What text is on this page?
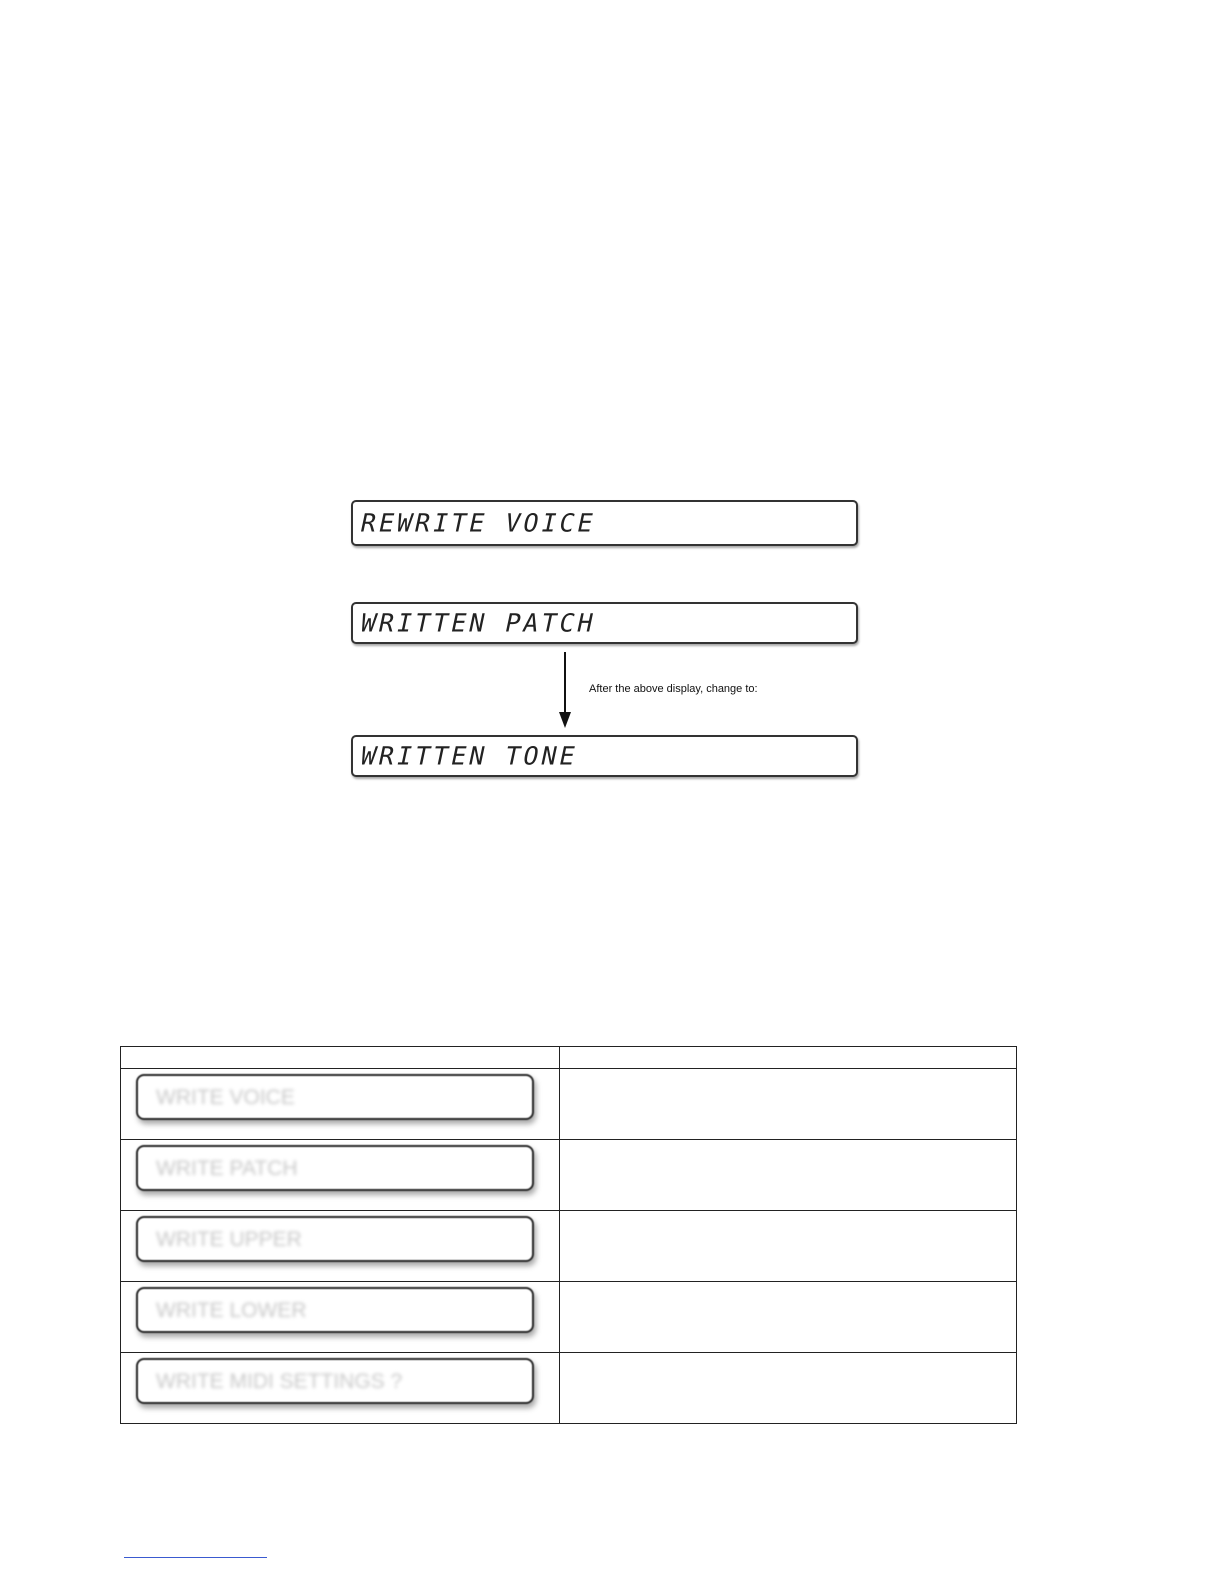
REWRITE VOICE
WRITTEN PATCH
After the above display, change to:
WRITTEN TONE

WRITE VOICE	

WRITE PATCH	

WRITE UPPER	

WRITE LOWER	

WRITE MIDI SETTINGS ?	
